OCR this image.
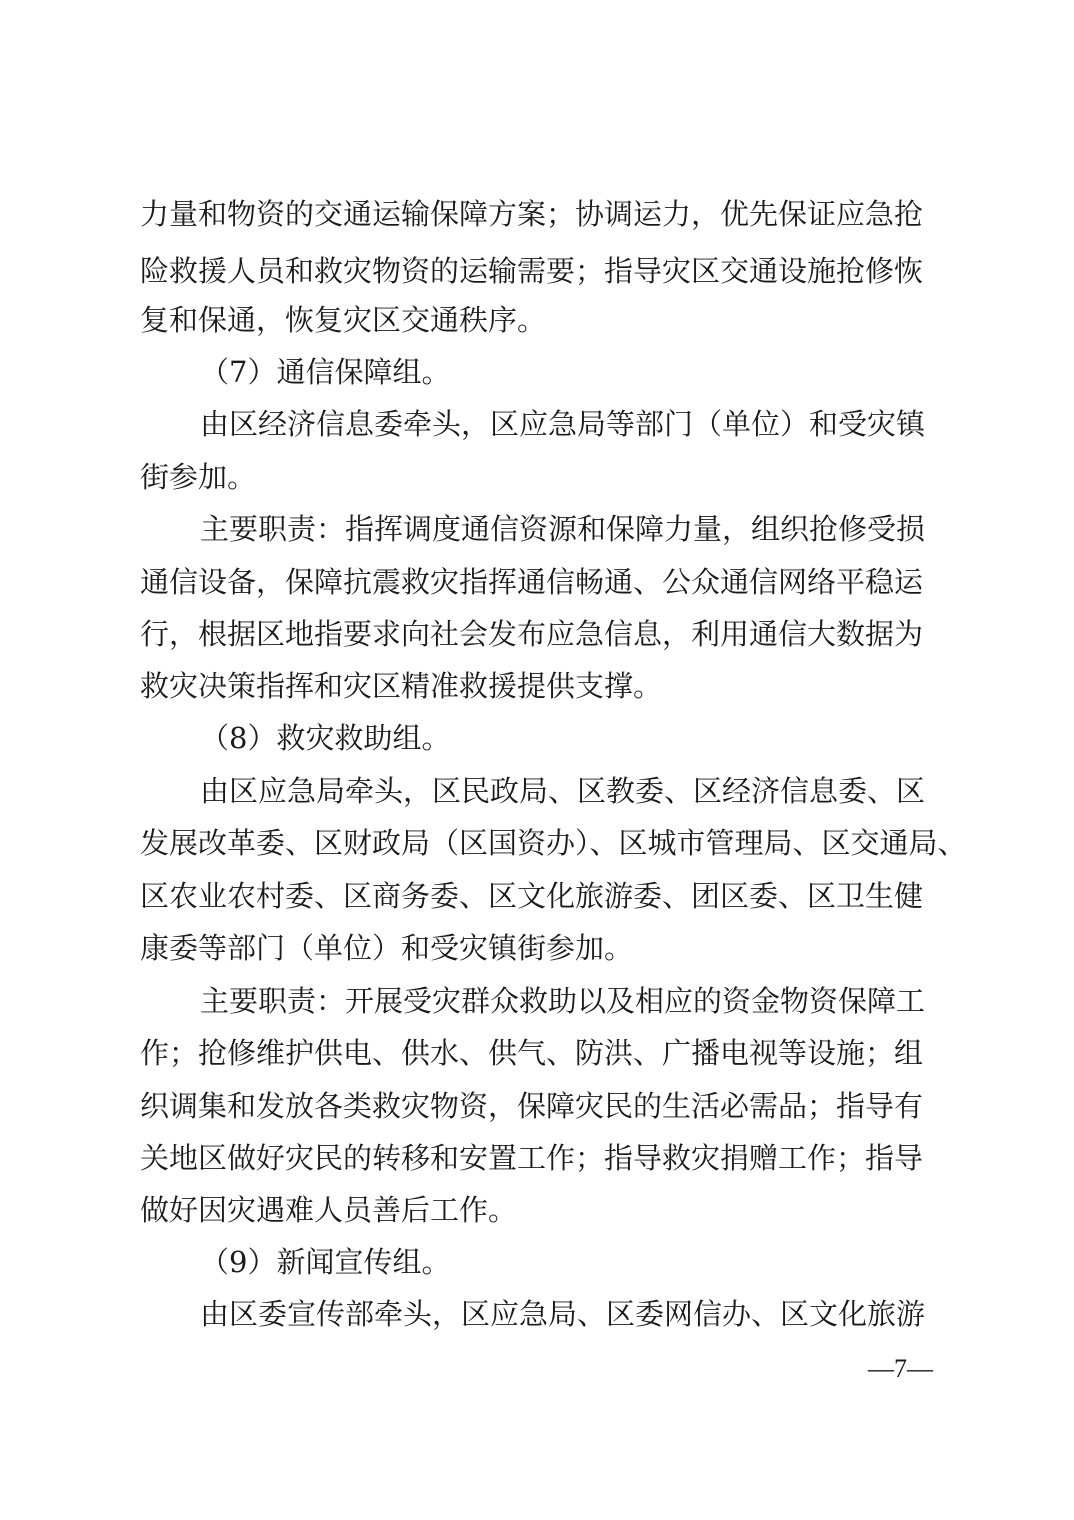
力量和物资的交通运输保障方案；协调运力，优先保证应急抢
险救援人员和救灾物资的运输需要；指导灾区交通设施抢修恢
复和保通，恢复灾区交通秩序。
（7）通信保障组。
由区经济信息委牵头，区应急局等部门（单位）和受灾镇
街参加。
主要职责：指挥调度通信资源和保障力量，组织抢修受损
通信设备，保障抗震救灾指挥通信畅通、公众通信网络平稳运
行，根据区地指要求向社会发布应急信息，利用通信大数据为
救灾决策指挥和灾区精准救援提供支撑。
（8）救灾救助组。
由区应急局牵头，区民政局、区教委、区经济信息委、区
发展改革委、区财政局（区国资办）、区城市管理局、区交通局、
区农业农村委、区商务委、区文化旅游委、团区委、区卫生健
康委等部门（单位）和受灾镇街参加。
主要职责：开展受灾群众救助以及相应的资金物资保障工
作；抢修维护供电、供水、供气、防洪、广播电视等设施；组
织调集和发放各类救灾物资，保障灾民的生活必需品；指导有
关地区做好灾民的转移和安置工作；指导救灾捐赠工作；指导
做好因灾遇难人员善后工作。
（9）新闻宣传组。
由区委宣传部牵头，区应急局、区委网信办、区文化旅游
—7—
